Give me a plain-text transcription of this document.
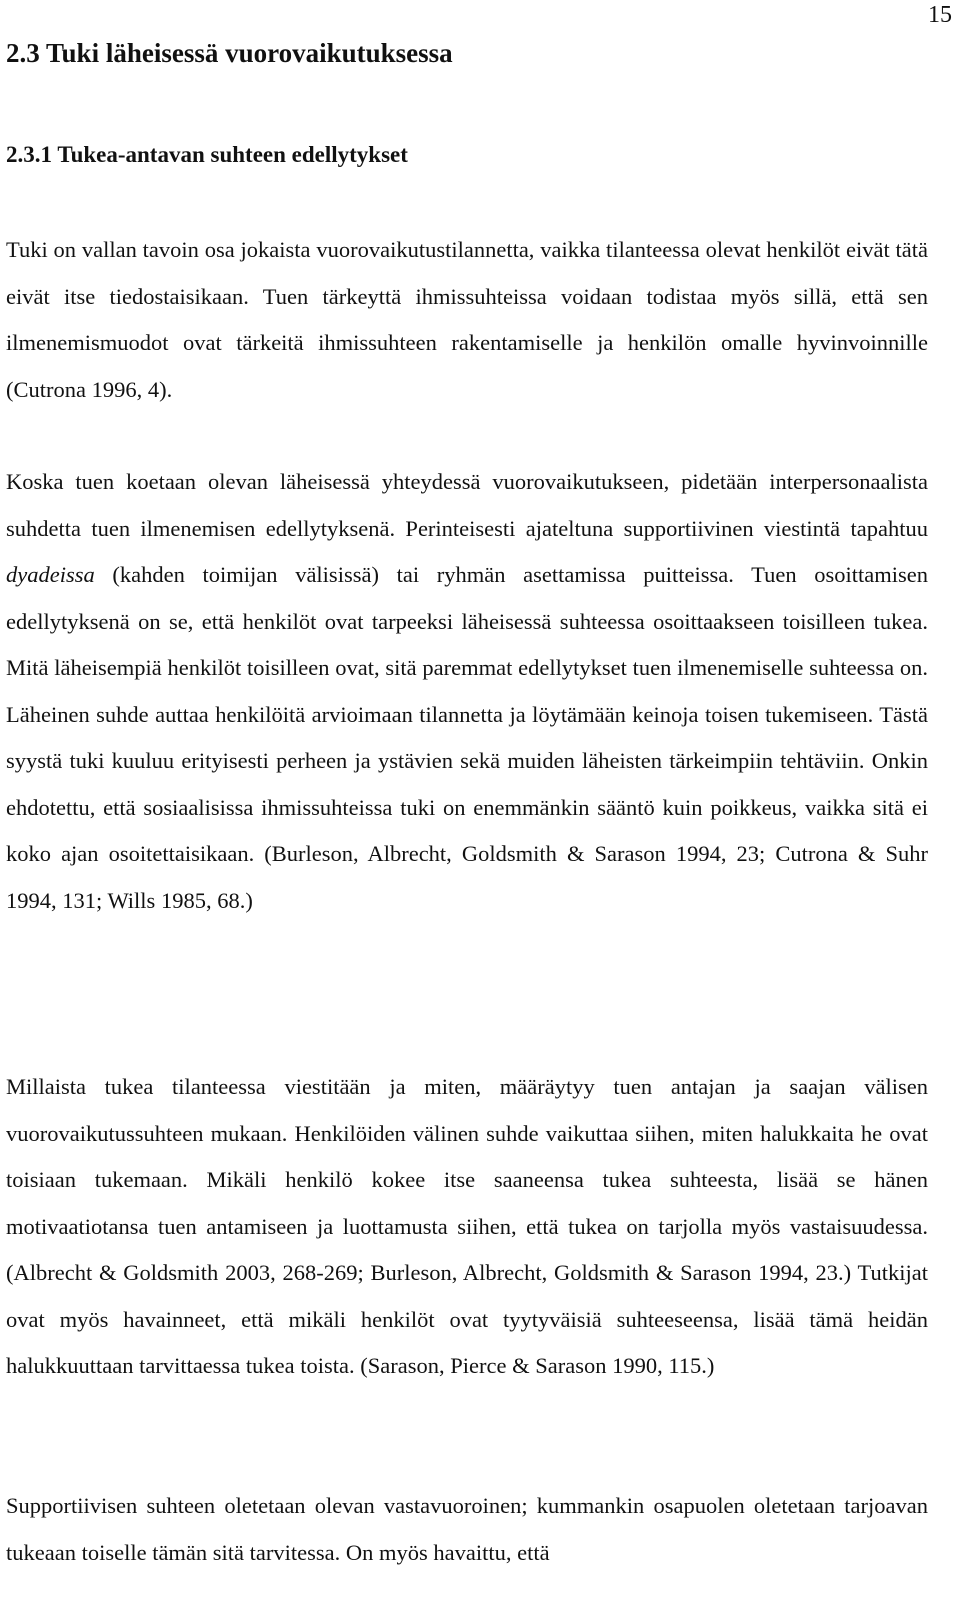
15
2.3 Tuki läheisessä vuorovaikutuksessa
2.3.1 Tukea-antavan suhteen edellytykset

Tuki on vallan tavoin osa jokaista vuorovaikutustilannetta, vaikka tilanteessa olevat henkilöt eivät tätä eivät itse tiedostaisikaan. Tuen tärkeyttä ihmissuhteissa voidaan todistaa myös sillä, että sen ilmenemismuodot ovat tärkeitä ihmissuhteen rakentamiselle ja henkilön omalle hyvinvoinnille (Cutrona 1996, 4).

Koska tuen koetaan olevan läheisessä yhteydessä vuorovaikutukseen, pidetään interpersonaalista suhdetta tuen ilmenemisen edellytyksenä. Perinteisesti ajateltuna supportiivinen viestintä tapahtuu dyadeissa (kahden toimijan välisissä) tai ryhmän asettamissa puitteissa. Tuen osoittamisen edellytyksenä on se, että henkilöt ovat tarpeeksi läheisessä suhteessa osoittaakseen toisilleen tukea. Mitä läheisempiä henkilöt toisilleen ovat, sitä paremmat edellytykset tuen ilmenemiselle suhteessa on. Läheinen suhde auttaa henkilöitä arvioimaan tilannetta ja löytämään keinoja toisen tukemiseen. Tästä syystä tuki kuuluu erityisesti perheen ja ystävien sekä muiden läheisten tärkeimpiin tehtäviin. Onkin ehdotettu, että sosiaalisissa ihmissuhteissa tuki on enemmänkin sääntö kuin poikkeus, vaikka sitä ei koko ajan osoitettaisikaan. (Burleson, Albrecht, Goldsmith & Sarason 1994, 23; Cutrona & Suhr 1994, 131; Wills 1985, 68.)

Millaista tukea tilanteessa viestitään ja miten, määräytyy tuen antajan ja saajan välisen vuorovaikutussuhteen mukaan. Henkilöiden välinen suhde vaikuttaa siihen, miten halukkaita he ovat toisiaan tukemaan. Mikäli henkilö kokee itse saaneensa tukea suhteesta, lisää se hänen motivaatiotansa tuen antamiseen ja luottamusta siihen, että tukea on tarjolla myös vastaisuudessa. (Albrecht & Goldsmith 2003, 268-269; Burleson, Albrecht, Goldsmith & Sarason 1994, 23.) Tutkijat ovat myös havainneet, että mikäli henkilöt ovat tyytyväisiä suhteeseensa, lisää tämä heidän halukkuuttaan tarvittaessa tukea toista. (Sarason, Pierce & Sarason 1990, 115.)

Supportiivisen suhteen oletetaan olevan vastavuoroinen; kummankin osapuolen oletetaan tarjoavan tukeaan toiselle tämän sitä tarvitessa. On myös havaittu, että
